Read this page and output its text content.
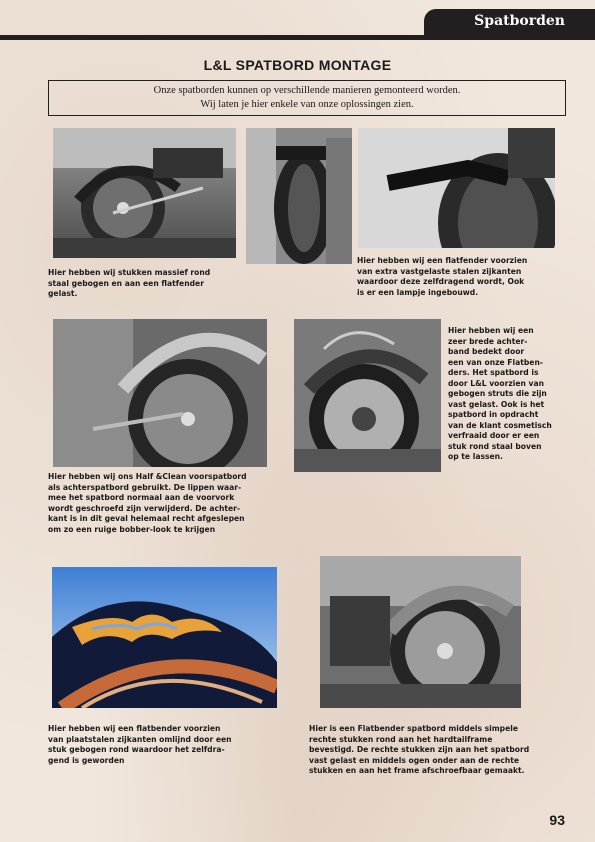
Spatborden
L&L SPATBORD MONTAGE
Onze spatborden kunnen op verschillende manieren gemonteerd worden.
Wij laten je hier enkele van onze oplossingen zien.
Hier hebben wij stukken massief rond
staal gebogen en aan een flatfender
gelast.
Hier hebben wij een flatfender voorzien
van extra vastgelaste stalen zijkanten
waardoor deze zelfdragend wordt, Ook
is er een lampje ingebouwd.
Hier hebben wij ons Half &Clean voorspatbord
als achterspatbord gebruikt. De lippen waar-
mee het spatbord normaal aan de voorvork
wordt geschroefd zijn verwijderd. De achter-
kant is in dit geval helemaal recht afgeslepen
om zo een ruige bobber-look te krijgen
Hier hebben wij een
zeer brede achter-
band bedekt door
een van onze Flatben-
ders. Het spatbord is
door L&L voorzien van
gebogen struts die zijn
vast gelast. Ook is het
spatbord in opdracht
van de klant cosmetisch
verfraaid door er een
stuk rond staal boven
op te lassen.
Hier hebben wij een flatbender voorzien
van plaatstalen zijkanten omlijnd door een
stuk gebogen rond waardoor het zelfdra-
gend is geworden
Hier is een Flatbender spatbord middels simpele
rechte stukken rond aan het hardtailframe
bevestigd. De rechte stukken zijn aan het spatbord
vast gelast en middels ogen onder aan de rechte
stukken en aan het frame afschroefbaar gemaakt.
93
